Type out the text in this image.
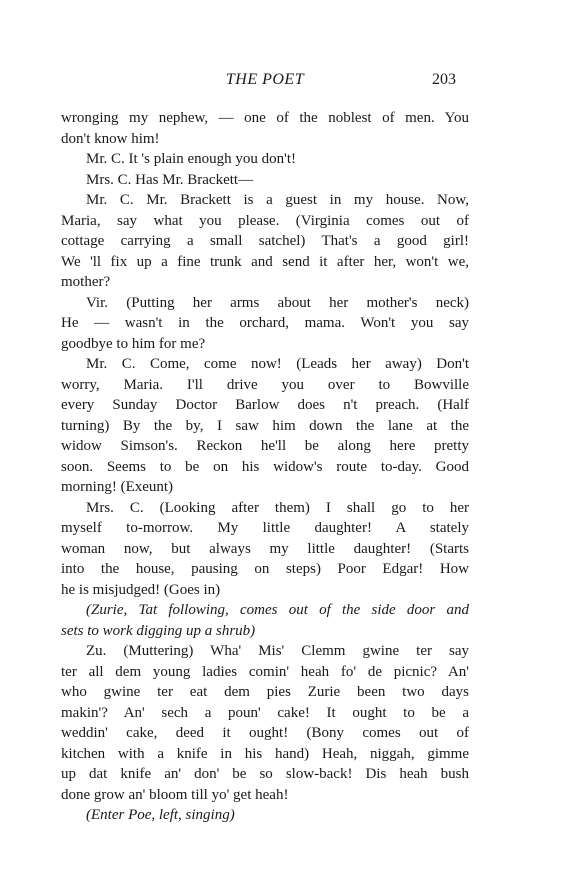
THE POET	203
wronging my nephew, — one of the noblest of men. You
don't know him!
Mr. C. It 's plain enough you don't!
Mrs. C. Has Mr. Brackett—
Mr. C. Mr. Brackett is a guest in my house. Now,
Maria, say what you please. (Virginia comes out of
cottage carrying a small satchel) That's a good girl!
We 'll fix up a fine trunk and send it after her, won't we,
mother?
Vir. (Putting her arms about her mother's neck)
He — wasn't in the orchard, mama. Won't you say
goodbye to him for me?
Mr. C. Come, come now! (Leads her away) Don't
worry, Maria. I'll drive you over to Bowville
every Sunday Doctor Barlow does n't preach. (Half
turning) By the by, I saw him down the lane at the
widow Simson's. Reckon he'll be along here pretty
soon. Seems to be on his widow's route to-day. Good
morning! (Exeunt)
Mrs. C. (Looking after them) I shall go to her
myself to-morrow. My little daughter! A stately
woman now, but always my little daughter! (Starts
into the house, pausing on steps) Poor Edgar! How
he is misjudged! (Goes in)
(Zurie, Tat following, comes out of the side door and
sets to work digging up a shrub)
Zu. (Muttering) Wha' Mis' Clemm gwine ter say
ter all dem young ladies comin' heah fo' de picnic? An'
who gwine ter eat dem pies Zurie been two days
makin'? An' sech a poun' cake! It ought to be a
weddin' cake, deed it ought! (Bony comes out of
kitchen with a knife in his hand) Heah, niggah, gimme
up dat knife an' don' be so slow-back! Dis heah bush
done grow an' bloom till yo' get heah!
(Enter Poe, left, singing)
